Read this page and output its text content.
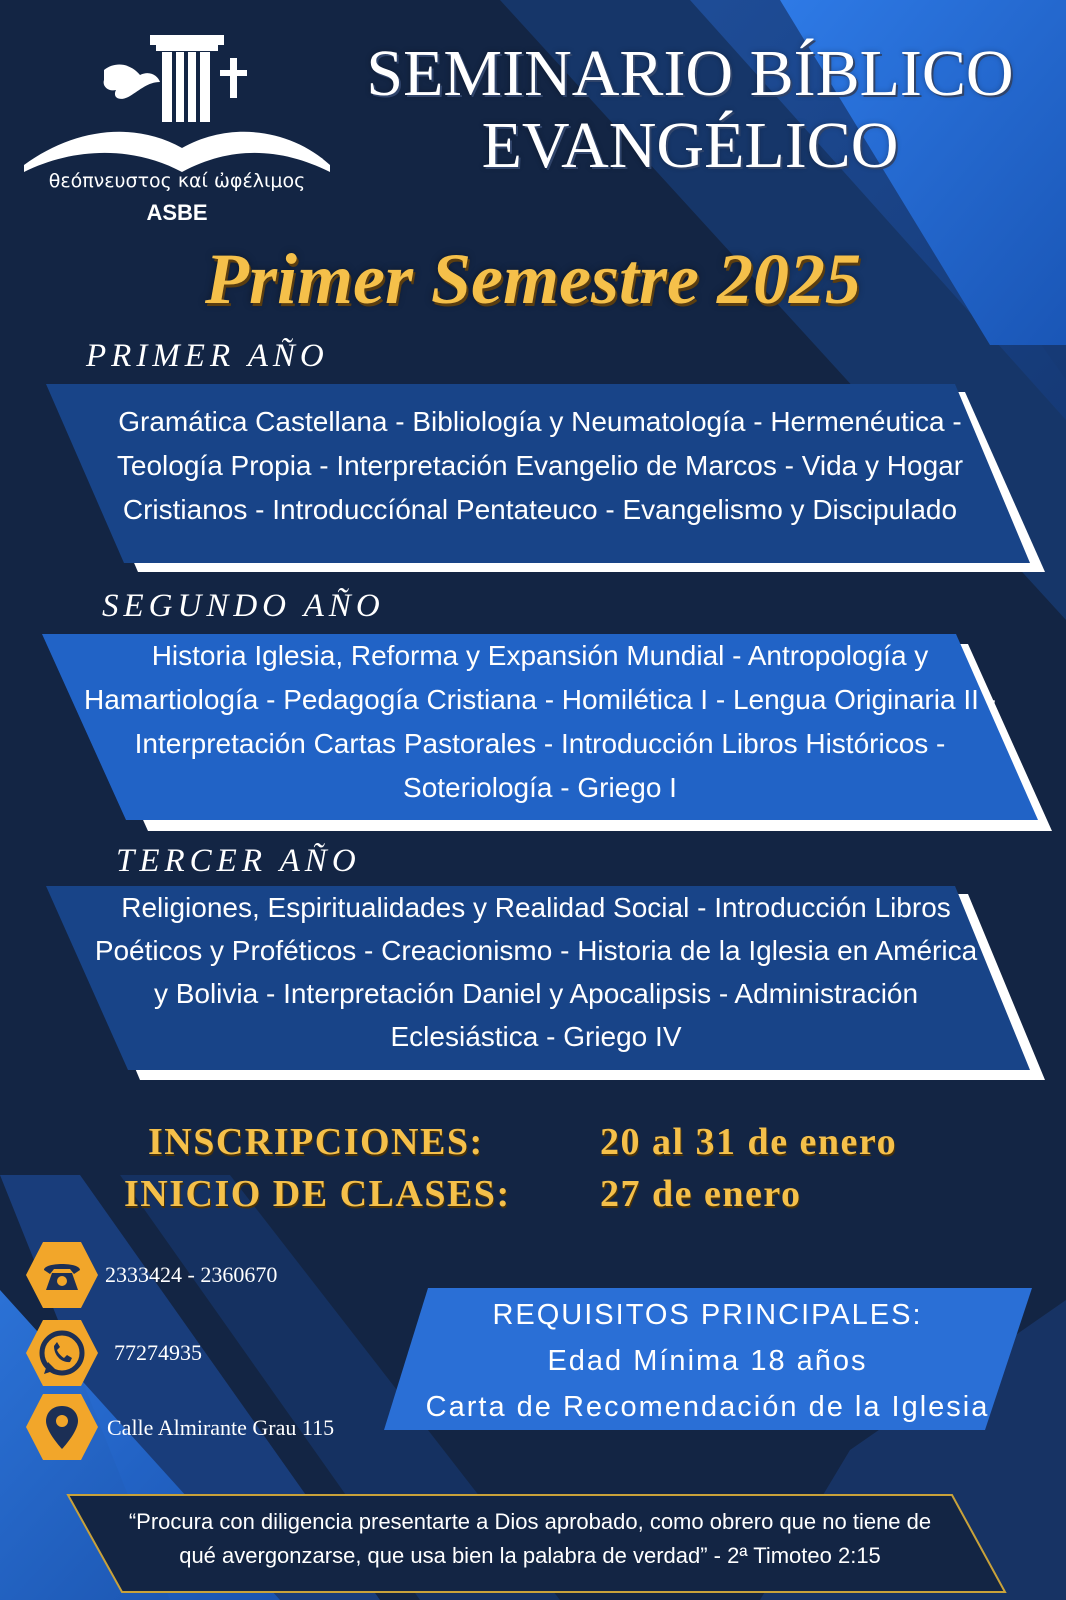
θεόπνευστος καί ὠφέλιμος
ASBE
SEMINARIO BÍBLICO
EVANGÉLICO
Primer Semestre 2025
PRIMER AÑO
Gramática Castellana - Bibliología y Neumatología - Hermenéutica - Teología Propia - Interpretación Evangelio de Marcos - Vida y Hogar Cristianos - Introduccíónal Pentateuco - Evangelismo y Discipulado
SEGUNDO AÑO
Historia Iglesia, Reforma y Expansión Mundial - Antropología y Hamartiología - Pedagogía Cristiana - Homilética I - Lengua Originaria II - Interpretación Cartas Pastorales - Introducción Libros Históricos - Soteriología - Griego I
TERCER AÑO
Religiones, Espiritualidades y Realidad Social - Introducción Libros Poéticos y Proféticos - Creacionismo - Historia de la Iglesia en América y Bolivia - Interpretación Daniel y Apocalipsis - Administración Eclesiástica - Griego IV
INSCRIPCIONES:	20 al 31 de enero
INICIO DE CLASES: 27 de enero
2333424 - 2360670
77274935
Calle Almirante Grau 115
REQUISITOS PRINCIPALES:
Edad Mínima 18 años
Carta de Recomendación de la Iglesia
“Procura con diligencia presentarte a Dios aprobado, como obrero que no tiene de qué avergonzarse, que usa bien la palabra de verdad” - 2ª Timoteo 2:15
